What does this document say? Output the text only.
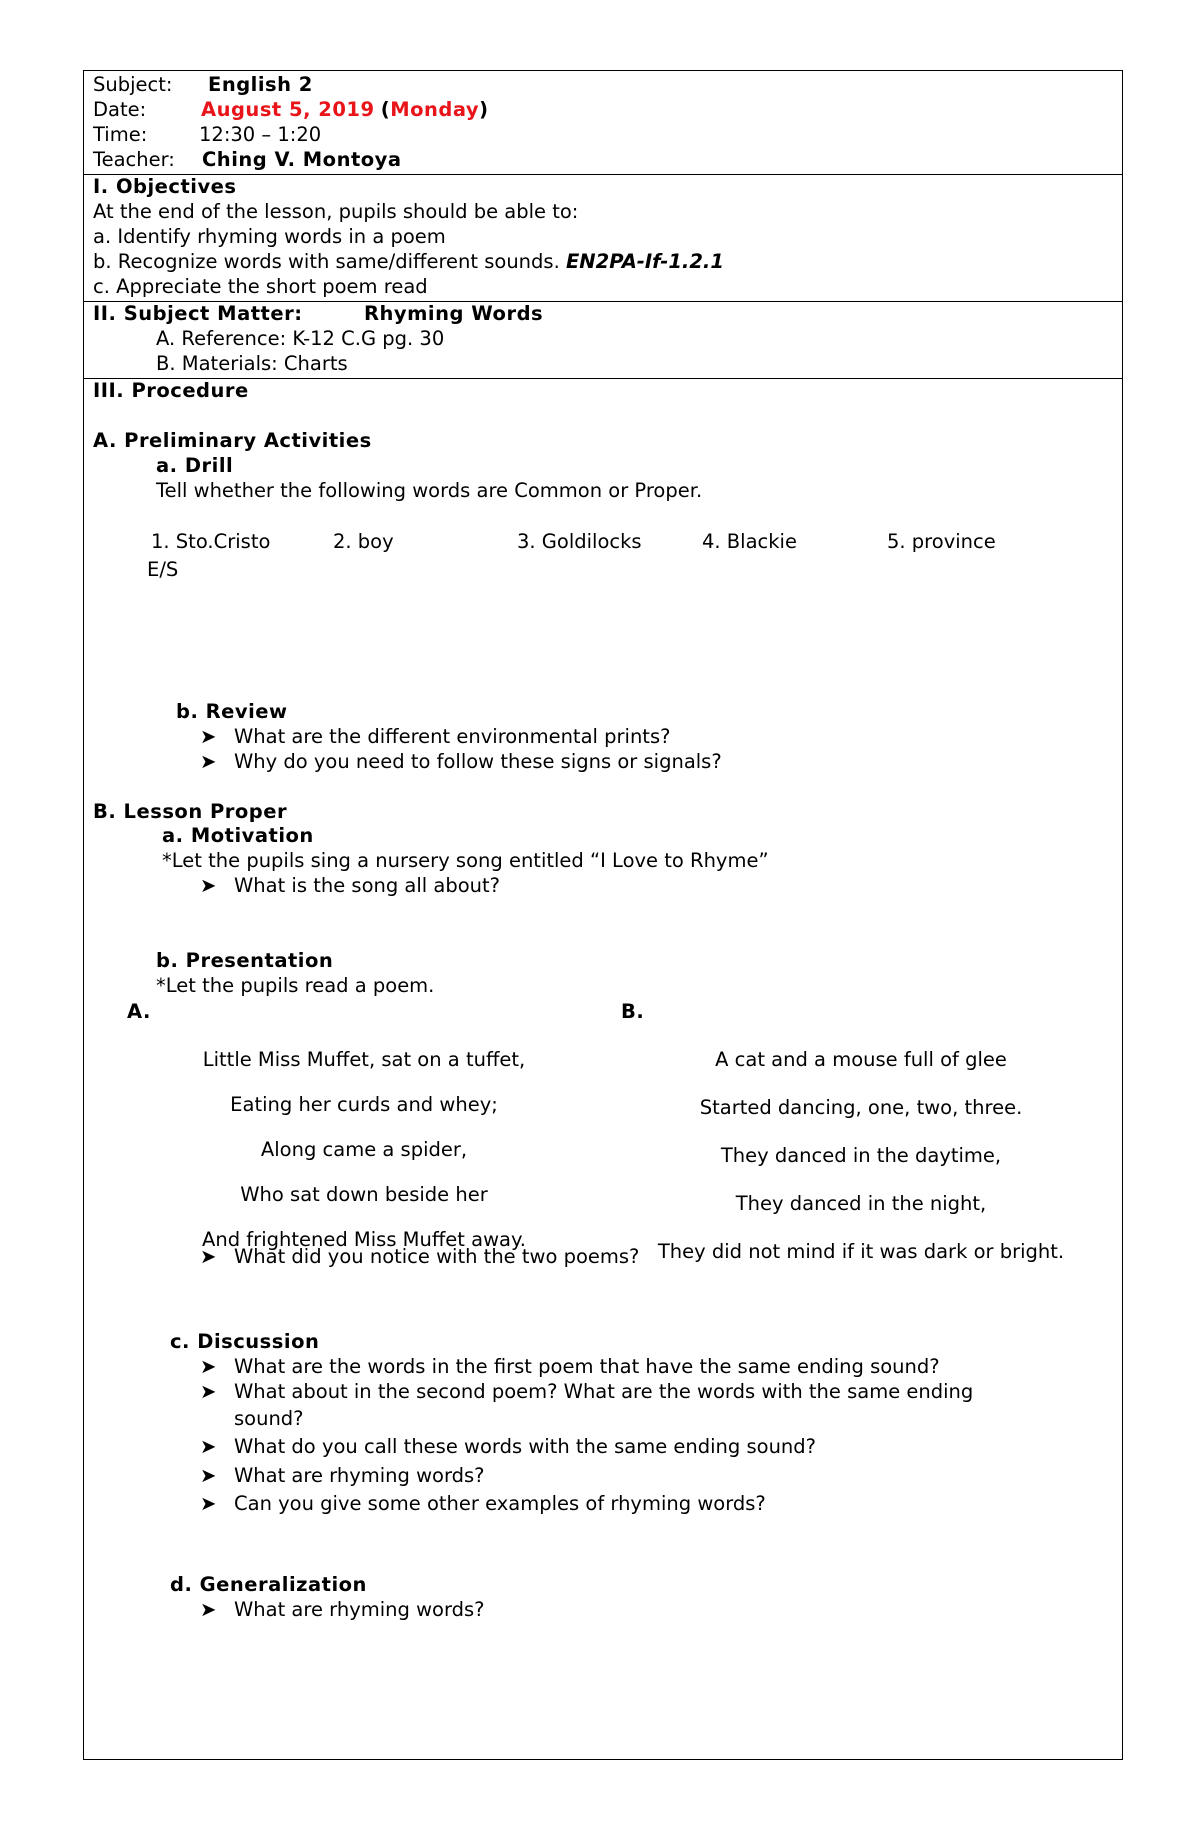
Subject: English 2
Date:	August 5, 2019 (Monday)
Time:	12:30 – 1:20
Teacher: Ching V. Montoya
I. Objectives
At the end of the lesson, pupils should be able to:
a. Identify rhyming words in a poem
b. Recognize words with same/different sounds. EN2PA-If-1.2.1
c. Appreciate the short poem read
II. Subject Matter:	Rhyming Words
A. Reference: K-12 C.G pg. 30
B. Materials: Charts
III. Procedure
A. Preliminary Activities
a. Drill
Tell whether the following words are Common or Proper.
1. Sto.Cristo	2. boy	3. Goldilocks	4. Blackie	5. province
E/S
b. Review
➤ What are the different environmental prints?
➤ Why do you need to follow these signs or signals?
B. Lesson Proper
a. Motivation
*Let the pupils sing a nursery song entitled “I Love to Rhyme”
➤ What is the song all about?
b. Presentation
*Let the pupils read a poem.
A.	B.
Little Miss Muffet, sat on a tuffet,
Eating her curds and whey;
Along came a spider,
Who sat down beside her
And frightened Miss Muffet away.
A cat and a mouse full of glee
Started dancing, one, two, three.
They danced in the daytime,
They danced in the night,
They did not mind if it was dark or bright.
➤ What did you notice with the two poems?
c. Discussion
➤ What are the words in the first poem that have the same ending sound?
➤ What about in the second poem? What are the words with the same ending
sound?
➤ What do you call these words with the same ending sound?
➤ What are rhyming words?
➤ Can you give some other examples of rhyming words?
d. Generalization
➤ What are rhyming words?
